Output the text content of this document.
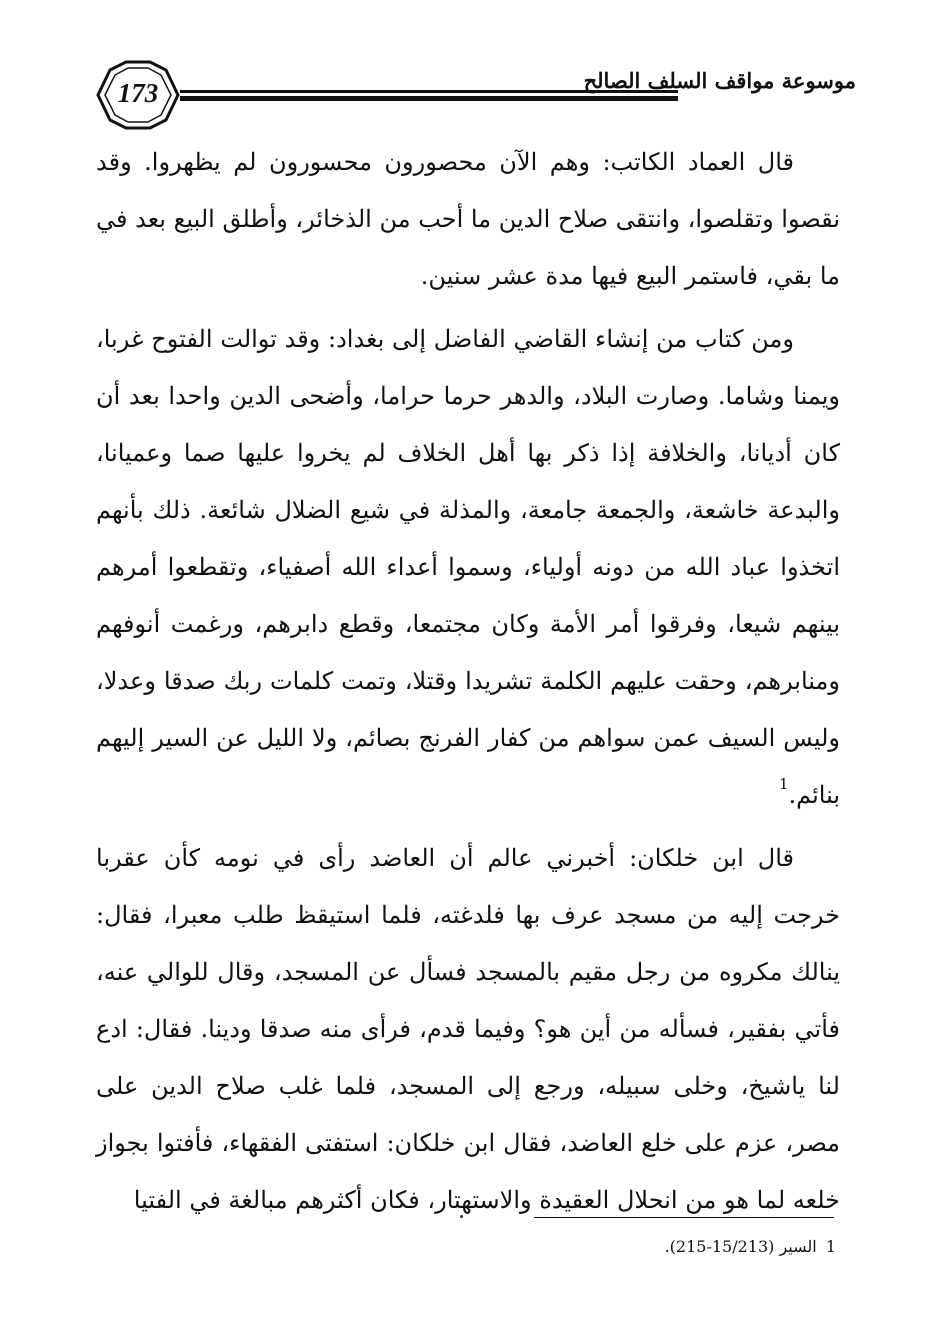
173	موسوعة مواقف السلف الصالح

قال العماد الكاتب: وهم الآن محصورون محسورون لم يظهروا. وقد نقصوا وتقلصوا، وانتقى صلاح الدين ما أحب من الذخائر، وأطلق البيع بعد في ما بقي، فاستمر البيع فيها مدة عشر سنين.

ومن كتاب من إنشاء القاضي الفاضل إلى بغداد: وقد توالت الفتوح غربا، ويمنا وشاما. وصارت البلاد، والدهر حرما حراما، وأضحى الدين واحدا بعد أن كان أديانا، والخلافة إذا ذكر بها أهل الخلاف لم يخروا عليها صما وعميانا، والبدعة خاشعة، والجمعة جامعة، والمذلة في شيع الضلال شائعة. ذلك بأنهم اتخذوا عباد الله من دونه أولياء، وسموا أعداء الله أصفياء، وتقطعوا أمرهم بينهم شيعا، وفرقوا أمر الأمة وكان مجتمعا، وقطع دابرهم، ورغمت أنوفهم ومنابرهم، وحقت عليهم الكلمة تشريدا وقتلا، وتمت كلمات ربك صدقا وعدلا، وليس السيف عمن سواهم من كفار الفرنج بصائم، ولا الليل عن السير إليهم بنائم.$^1$

قال ابن خلكان: أخبرني عالم أن العاضد رأى في نومه كأن عقربا خرجت إليه من مسجد عرف بها فلدغته، فلما استيقظ طلب معبرا، فقال: ينالك مكروه من رجل مقيم بالمسجد فسأل عن المسجد، وقال للوالي عنه، فأتي بفقير، فسأله من أين هو؟ وفيما قدم، فرأى منه صدقا ودينا. فقال: ادع لنا ياشيخ، وخلى سبيله، ورجع إلى المسجد، فلما غلب صلاح الدين على مصر، عزم على خلع العاضد، فقال ابن خلكان: استفتى الفقهاء، فأفتوا بجواز خلعه لما هو من انحلال العقيدة والاستهتار، فكان أكثرهم مبالغة في الفتيا

1 السير (15/213-215).
